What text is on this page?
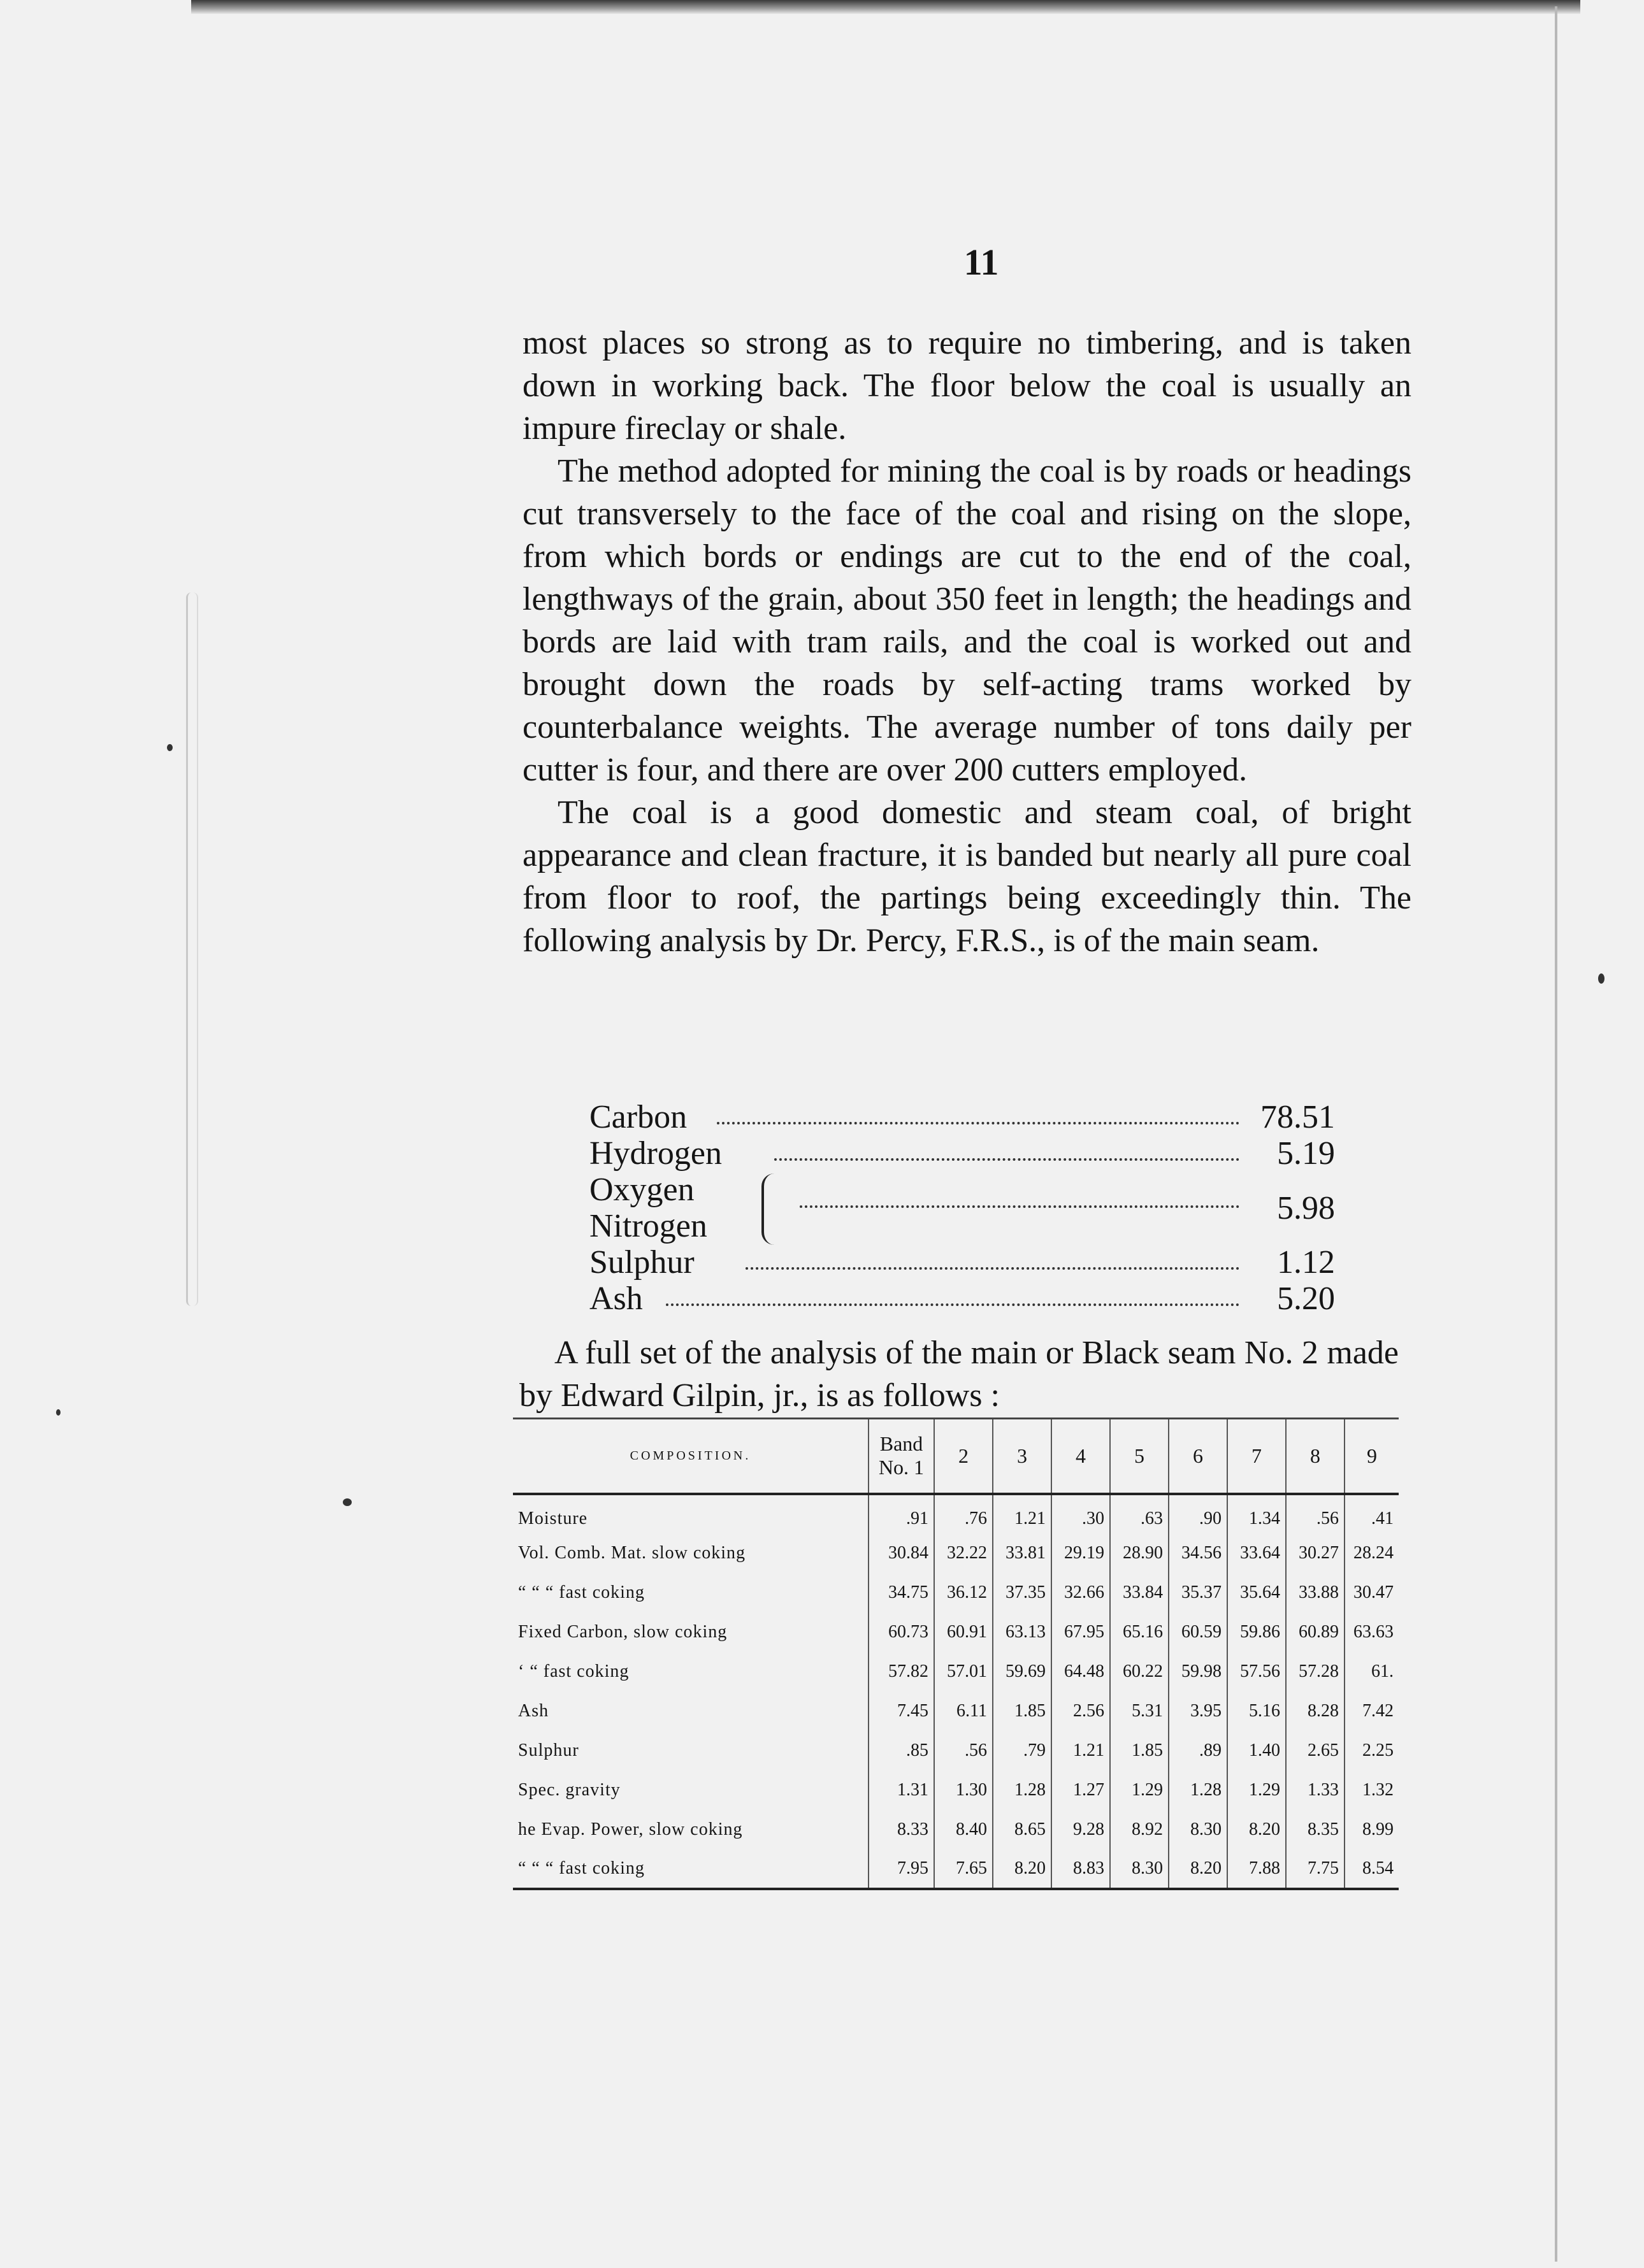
11

most places so strong as to require no timbering, and is taken down in working back. The floor below the coal is usually an impure fireclay or shale.

The method adopted for mining the coal is by roads or headings cut transversely to the face of the coal and rising on the slope, from which bords or endings are cut to the end of the coal, lengthways of the grain, about 350 feet in length; the headings and bords are laid with tram rails, and the coal is worked out and brought down the roads by self-acting trams worked by counterbalance weights. The average number of tons daily per cutter is four, and there are over 200 cutters employed.

The coal is a good domestic and steam coal, of bright appearance and clean fracture, it is banded but nearly all pure coal from floor to roof, the partings being exceedingly thin. The following analysis by Dr. Percy, F.R.S., is of the main seam.

Carbon	78.51
Hydrogen	5.19
Oxygen
Nitrogen	5.98
Sulphur	1.12
Ash	5.20

A full set of the analysis of the main or Black seam No. 2 made by Edward Gilpin, jr., is as follows :

COMPOSITION.	Band No. 1	2	3	4	5	6	7	8	9
Moisture	.91	.76	1.21	.30	.63	.90	1.34	.56	.41
Vol. Comb. Mat. slow coking	30.84	32.22	33.81	29.19	28.90	34.56	33.64	30.27	28.24
“ “ “ fast coking	34.75	36.12	37.35	32.66	33.84	35.37	35.64	33.88	30.47
Fixed Carbon, slow coking	60.73	60.91	63.13	67.95	65.16	60.59	59.86	60.89	63.63
‘ “ fast coking	57.82	57.01	59.69	64.48	60.22	59.98	57.56	57.28	61.
Ash	7.45	6.11	1.85	2.56	5.31	3.95	5.16	8.28	7.42
Sulphur	.85	.56	.79	1.21	1.85	.89	1.40	2.65	2.25
Spec. gravity	1.31	1.30	1.28	1.27	1.29	1.28	1.29	1.33	1.32
he Evap. Power, slow coking	8.33	8.40	8.65	9.28	8.92	8.30	8.20	8.35	8.99
“ “ “ fast coking	7.95	7.65	8.20	8.83	8.30	8.20	7.88	7.75	8.54
